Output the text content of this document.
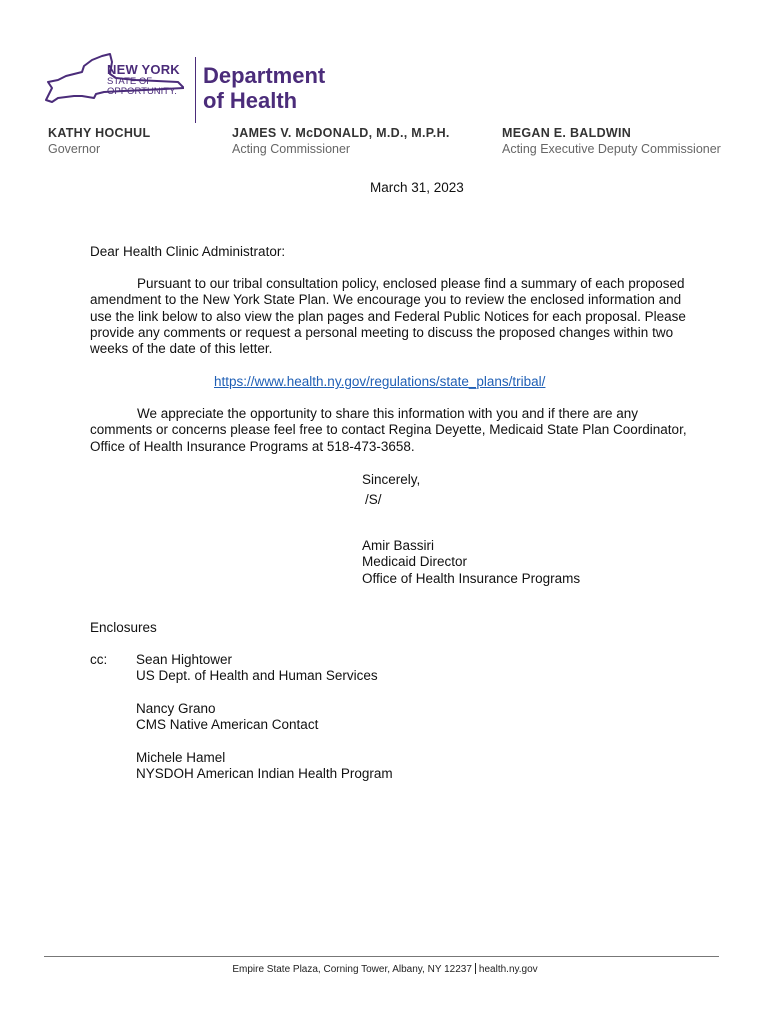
NEW YORK
STATE OF
OPPORTUNITY.
Department
of Health
KATHY HOCHUL
Governor
JAMES V. McDONALD, M.D., M.P.H.
Acting Commissioner
MEGAN E. BALDWIN
Acting Executive Deputy Commissioner
March 31, 2023
Dear Health Clinic Administrator:
Pursuant to our tribal consultation policy, enclosed please find a summary of each proposed amendment to the New York State Plan. We encourage you to review the enclosed information and use the link below to also view the plan pages and Federal Public Notices for each proposal. Please provide any comments or request a personal meeting to discuss the proposed changes within two weeks of the date of this letter.
https://www.health.ny.gov/regulations/state_plans/tribal/
We appreciate the opportunity to share this information with you and if there are any comments or concerns please feel free to contact Regina Deyette, Medicaid State Plan Coordinator, Office of Health Insurance Programs at 518-473-3658.
Sincerely,
/S/
Amir Bassiri
Medicaid Director
Office of Health Insurance Programs
Enclosures
cc: Sean Hightower
US Dept. of Health and Human Services
Nancy Grano
CMS Native American Contact
Michele Hamel
NYSDOH American Indian Health Program
Empire State Plaza, Corning Tower, Albany, NY 12237 health.ny.gov
